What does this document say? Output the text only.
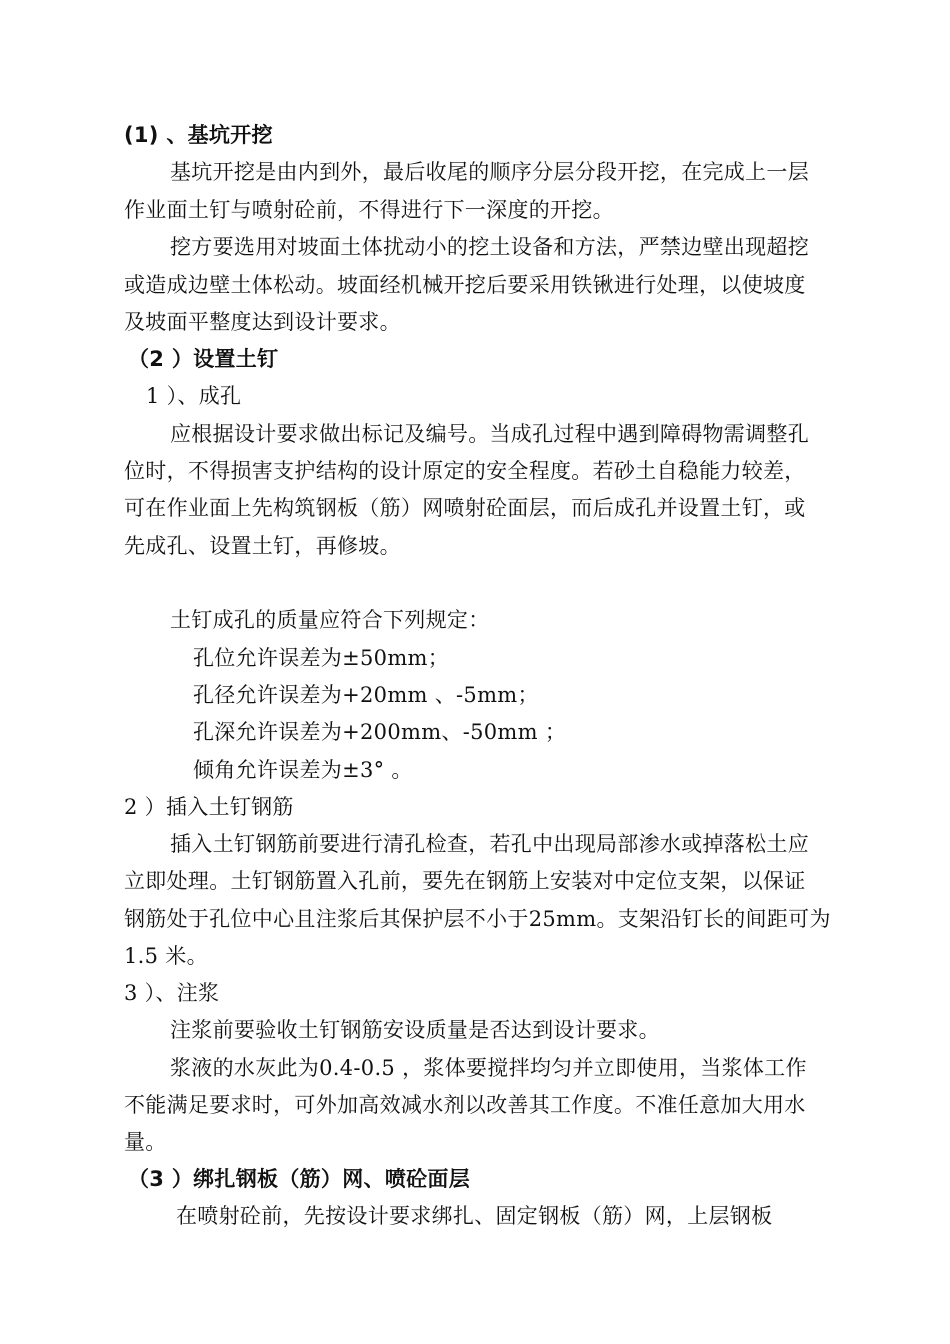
(1) 、基坑开挖
基坑开挖是由内到外，最后收尾的顺序分层分段开挖，在完成上一层
作业面土钉与喷射砼前，不得进行下一深度的开挖。
挖方要选用对坡面土体扰动小的挖土设备和方法，严禁边壁出现超挖
或造成边壁土体松动。坡面经机械开挖后要采用铁锹进行处理，以使坡度
及坡面平整度达到设计要求。
（2 ）设置土钉
1 ）、成孔
应根据设计要求做出标记及编号。当成孔过程中遇到障碍物需调整孔
位时，不得损害支护结构的设计原定的安全程度。若砂土自稳能力较差，
可在作业面上先构筑钢板（筋）网喷射砼面层，而后成孔并设置土钉，或
先成孔、设置土钉，再修坡。
土钉成孔的质量应符合下列规定：
孔位允许误差为±50mm；
孔径允许误差为+20mm 、-5mm；
孔深允许误差为+200mm、-50mm ；
倾角允许误差为±3° 。
2 ）插入土钉钢筋
插入土钉钢筋前要进行清孔检查，若孔中出现局部渗水或掉落松土应
立即处理。土钉钢筋置入孔前，要先在钢筋上安装对中定位支架，以保证
钢筋处于孔位中心且注浆后其保护层不小于25mm。支架沿钉长的间距可为
1.5 米。
3 ）、注浆
注浆前要验收土钉钢筋安设质量是否达到设计要求。
浆液的水灰此为0.4-0.5 ，浆体要搅拌均匀并立即使用，当浆体工作
不能满足要求时，可外加高效减水剂以改善其工作度。不准任意加大用水
量。
（3 ）绑扎钢板（筋）网、喷砼面层
在喷射砼前，先按设计要求绑扎、固定钢板（筋）网，上层钢板
